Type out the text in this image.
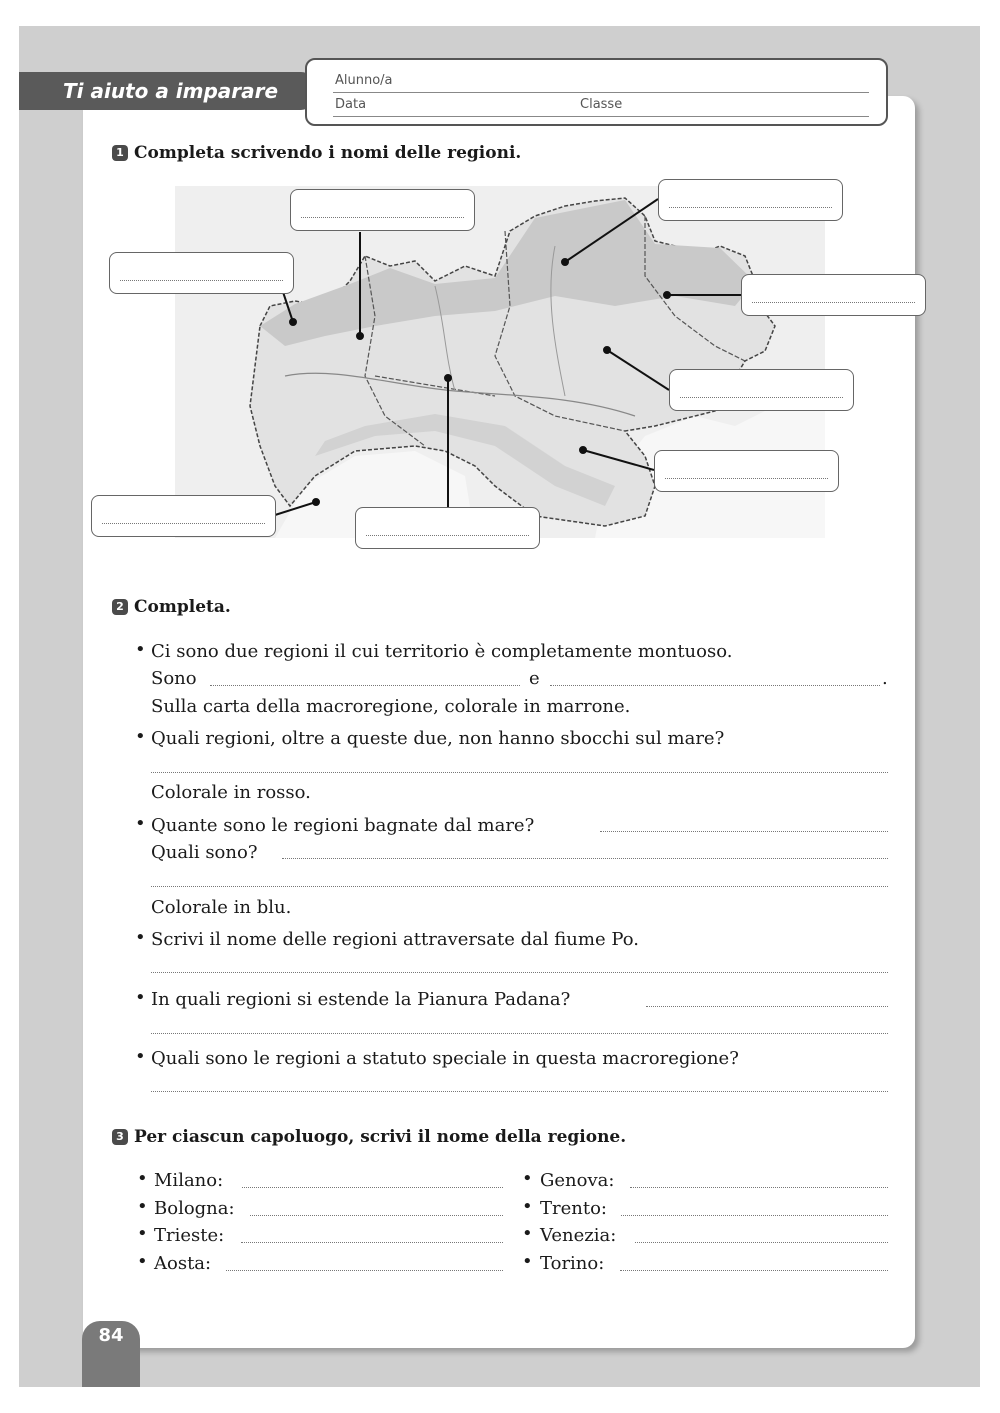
Ti aiuto a imparare	Alunno/a
Data	Classe
1 Completa scrivendo i nomi delle regioni.
2 Completa.
• Ci sono due regioni il cui territorio è completamente montuoso.
Sono	e	.
Sulla carta della macroregione, colorale in marrone.
• Quali regioni, oltre a queste due, non hanno sbocchi sul mare?
Colorale in rosso.
• Quante sono le regioni bagnate dal mare?
Quali sono?
Colorale in blu.
• Scrivi il nome delle regioni attraversate dal fiume Po.
• In quali regioni si estende la Pianura Padana?
• Quali sono le regioni a statuto speciale in questa macroregione?
3 Per ciascun capoluogo, scrivi il nome della regione.
• Milano:
• Bologna:
• Trieste:
• Aosta:
• Genova:
• Trento:
• Venezia:
• Torino:
84
